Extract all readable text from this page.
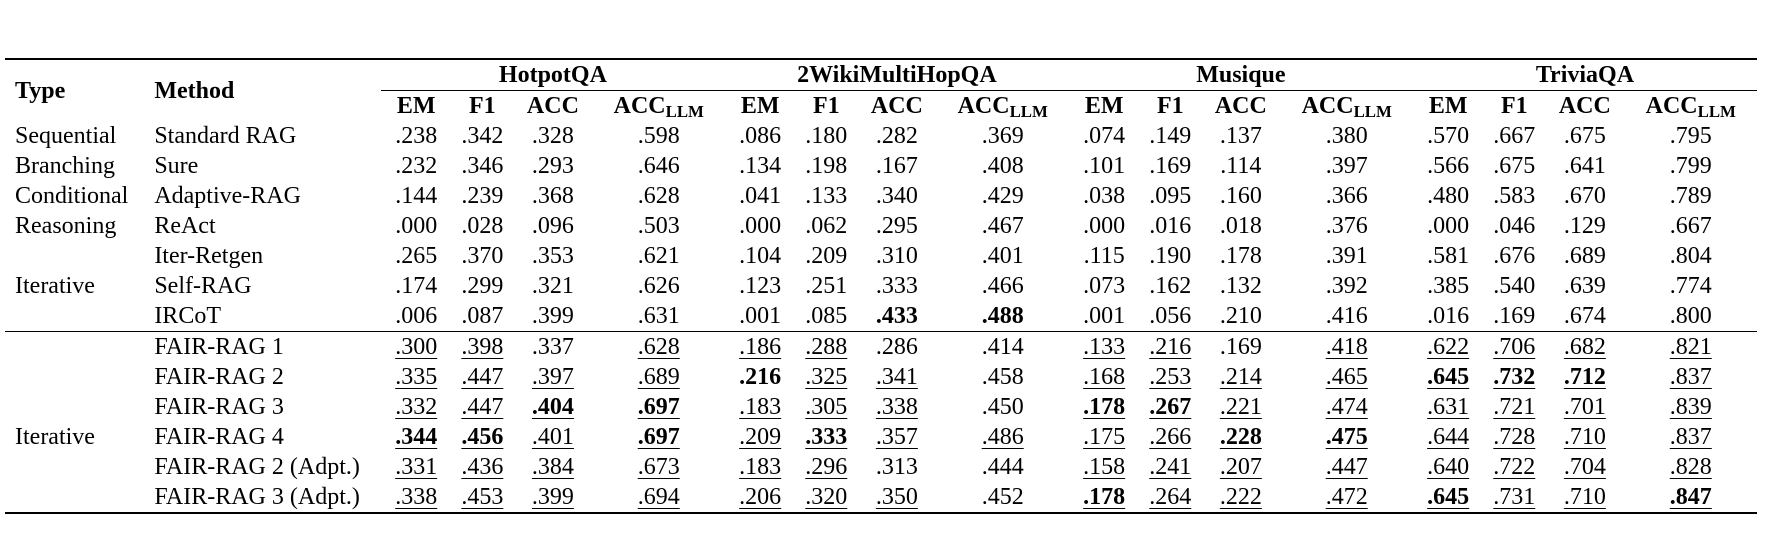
Type	Method	HotpotQA				2WikiMultiHopQA				Musique				TriviaQA			
		EM	F1	ACC	$ACC_{LLM}$	EM	F1	ACC	$ACC_{LLM}$	EM	F1	ACC	$ACC_{LLM}$	EM	F1	ACC	$ACC_{LLM}$
Sequential	Standard RAG	.238	.342	.328	.598	.086	.180	.282	.369	.074	.149	.137	.380	.570	.667	.675	.795
Branching	Sure	.232	.346	.293	.646	.134	.198	.167	.408	.101	.169	.114	.397	.566	.675	.641	.799
Conditional	Adaptive-RAG	.144	.239	.368	.628	.041	.133	.340	.429	.038	.095	.160	.366	.480	.583	.670	.789
Reasoning	ReAct	.000	.028	.096	.503	.000	.062	.295	.467	.000	.016	.018	.376	.000	.046	.129	.667
	Iter-Retgen	.265	.370	.353	.621	.104	.209	.310	.401	.115	.190	.178	.391	.581	.676	.689	.804
Iterative	Self-RAG	.174	.299	.321	.626	.123	.251	.333	.466	.073	.162	.132	.392	.385	.540	.639	.774
	IRCoT	.006	.087	.399	.631	.001	.085	.433	.488	.001	.056	.210	.416	.016	.169	.674	.800
	FAIR-RAG 1	.300	.398	.337	.628	.186	.288	.286	.414	.133	.216	.169	.418	.622	.706	.682	.821
	FAIR-RAG 2	.335	.447	.397	.689	.216	.325	.341	.458	.168	.253	.214	.465	.645	.732	.712	.837
	FAIR-RAG 3	.332	.447	.404	.697	.183	.305	.338	.450	.178	.267	.221	.474	.631	.721	.701	.839
Iterative	FAIR-RAG 4	.344	.456	.401	.697	.209	.333	.357	.486	.175	.266	.228	.475	.644	.728	.710	.837
	FAIR-RAG 2 (Adpt.)	.331	.436	.384	.673	.183	.296	.313	.444	.158	.241	.207	.447	.640	.722	.704	.828
	FAIR-RAG 3 (Adpt.)	.338	.453	.399	.694	.206	.320	.350	.452	.178	.264	.222	.472	.645	.731	.710	.847
